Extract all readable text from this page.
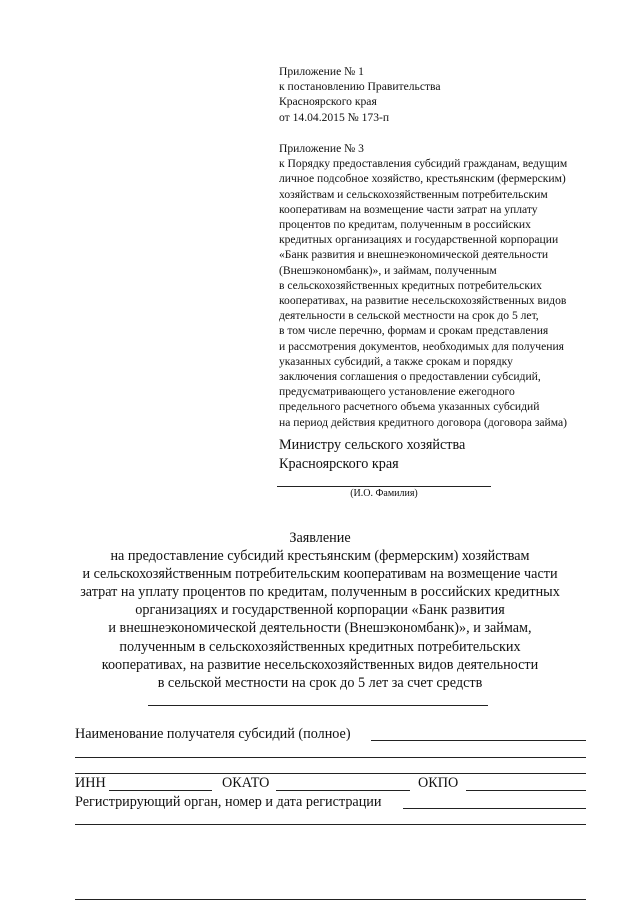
Приложение № 1
к постановлению Правительства
Красноярского края
от 14.04.2015 № 173-п
Приложение № 3
к Порядку предоставления субсидий гражданам, ведущим
личное подсобное хозяйство, крестьянским (фермерским)
хозяйствам и сельскохозяйственным потребительским
кооперативам на возмещение части затрат на уплату
процентов по кредитам, полученным в российских
кредитных организациях и государственной корпорации
«Банк развития и внешнеэкономической деятельности
(Внешэкономбанк)», и займам, полученным
в сельскохозяйственных кредитных потребительских
кооперативах, на развитие несельскохозяйственных видов
деятельности в сельской местности на срок до 5 лет,
в том числе перечню, формам и срокам представления
и рассмотрения документов, необходимых для получения
указанных субсидий, а также срокам и порядку
заключения соглашения о предоставлении субсидий,
предусматривающего установление ежегодного
предельного расчетного объема указанных субсидий
на период действия кредитного договора (договора займа)
Министру сельского хозяйства
Красноярского края
(И.О. Фамилия)
Заявление
на предоставление субсидий крестьянским (фермерским) хозяйствам
и сельскохозяйственным потребительским кооперативам на возмещение части
затрат на уплату процентов по кредитам, полученным в российских кредитных
организациях и государственной корпорации «Банк развития
и внешнеэкономической деятельности (Внешэкономбанк)», и займам,
полученным в сельскохозяйственных кредитных потребительских
кооперативах, на развитие несельскохозяйственных видов деятельности
в сельской местности на срок до 5 лет за счет средств
Наименование получателя субсидий (полное)
ИНН	ОКАТО	ОКПО
Регистрирующий орган, номер и дата регистрации
